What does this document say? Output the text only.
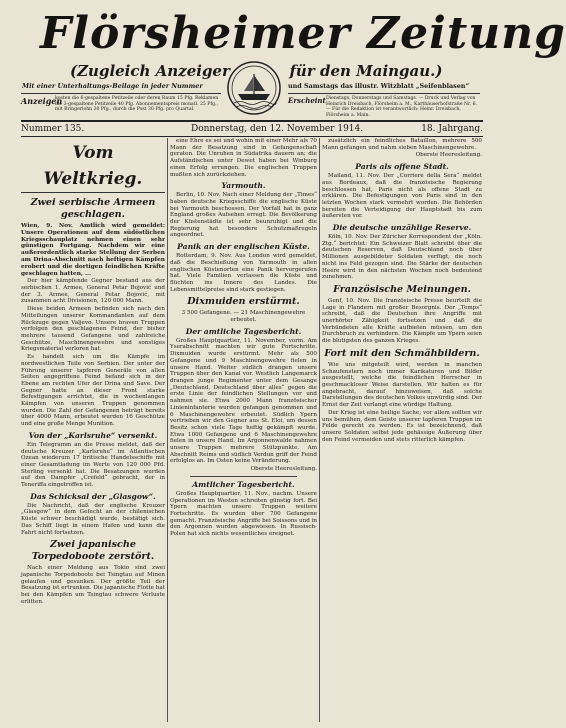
Flörsheimer Zeitung
(Zugleich Anzeiger	für den Maingau.)
Mit einer Unterhaltungs-Beilage in jeder Nummer	und Samstags das illustr. Witzblatt „Seifenblasen“
Anzeigen
kosten die 6-gespaltene Petitzeile oder deren Raum 15 Pfg. Reklamen die 3-gespaltene Petitzeile 40 Pfg. Abonnementspreis monatl. 25 Pfg., mit Bringerlohn 30 Pfg., durch die Post 30 Pfg. pro Quartal.
Erscheint Dienstags, Donnerstags und Samstags. — Druck und Verlag von Heinrich Dreisbach, Flörsheim a. M., Karthäuserhofstraße Nr. 6. — Für die Redaktion ist verantwortlich: Heinr. Dreisbach, Flörsheim a. Main.
Nummer 135.	Donnerstag, den 12. November 1914.	18. Jahrgang.
Vom Weltkrieg.
Zwei serbische Armeen geschlagen.
Wien, 9. Nov. Amtlich wird gemeldet: Unsere Operationen auf dem südöstlichen Kriegsschauplatz nehmen einen sehr günstigen Fortgang. Nachdem wir eine außerordentlich starke Stellung der Serben am Drina-Abschnitt nach heftigen Kämpfen erobert und die dortigen feindlichen Kräfte geschlagen hatten, ...
Der hier kämpfende Gegner bestand aus der serbischen 1. Armee, General Petar Bojović und der 3. Armee, General Petar Bojović, mit zusammen acht Divisionen, 120 000 Mann.
Diese beiden Armeen befinden sich nach den Mitteilungen unserer Kommandanten auf dem Rückzuge gegen Valjevo. Unsere braven Truppen verfolgen den geschlagenen Feind, der bisher mehrere tausend Gefangene und zahlreiche Geschütze, Maschinengewehre und sonstiges Kriegsmaterial verloren hat.
Es handelt sich um die Kämpfe im nordwestlichen Teile von Serbien. Der unter der Führung unserer tapferen Generäle von allen Seiten angegriffene Feind befand sich in der Ebene am rechten Ufer der Drina und Save. Der Gegner hatte an dieser Front starke Befestigungen errichtet, die in wochenlangen Kämpfen von unseren Truppen genommen wurden. Die Zahl der Gefangenen beträgt bereits über 4000 Mann, erbeutet wurden 16 Geschütze und eine große Menge Munition.
Von der „Karlsruhe“ versenkt.
Ein Telegramm an die Presse meldet, daß der deutsche Kreuzer „Karlsruhe“ im Atlantischen Ozean wiederum 17 britische Handelsschiffe mit einer Gesamtladung im Werte von 120 000 Pfd. Sterling versenkt hat. Die Besatzungen wurden auf den Dampfer „Crefeld“ gebracht, der in Teneriffa eingetroffen ist.
Das Schicksal der „Glasgow“.
Die Nachricht, daß der englische Kreuzer „Glasgow“ in dem Gefecht an der chilenischen Küste schwer beschädigt wurde, bestätigt sich. Das Schiff liegt in einem Hafen und kann die Fahrt nicht fortsetzen.
Zwei japanische Torpedoboote zerstört.
Nach einer Meldung aus Tokio sind zwei japanische Torpedoboote bei Tsingtau auf Minen gelaufen und gesunken. Der größte Teil der Besatzung ist ertrunken. Die japanische Flotte hat bei den Kämpfen um Tsingtau schwere Verluste erlitten.
eine Ehre es sei und wohin mit einer Mehr als 70 Mann der Besatzung sind in Gefangenschaft geraten. Die Unruhen in Südafrika dauern an; die Aufständischen unter Dewet haben bei Winburg einen Erfolg errungen. Die englischen Truppen mußten sich zurückziehen.
Yarmouth.
Berlin, 10. Nov. Nach einer Meldung der „Times“ haben deutsche Kriegsschiffe die englische Küste bei Yarmouth beschossen. Der Vorfall hat in ganz England großes Aufsehen erregt. Die Bevölkerung der Küstenstädte ist sehr beunruhigt und die Regierung hat besondere Schutzmaßregeln angeordnet.
Panik an der englischen Küste.
Rotterdam, 9. Nov. Aus London wird gemeldet, daß die Beschießung von Yarmouth in allen englischen Küstenorten eine Panik hervorgerufen hat. Viele Familien verlassen die Küste und flüchten ins Innere des Landes. Die Lebensmittelpreise sind stark gestiegen.
Dixmuiden erstürmt.
3 500 Gefangene. — 21 Maschinengewehre erbeutet.
Der amtliche Tagesbericht.
Großes Hauptquartier, 11. November, vorm. Am Yserabschnitt machten wir gute Fortschritte. Dixmuiden wurde erstürmt. Mehr als 500 Gefangene und 9 Maschinengewehre fielen in unsere Hand. Weiter südlich drangen unsere Truppen über den Kanal vor. Westlich Langemarck drangen junge Regimenter unter dem Gesange „Deutschland, Deutschland über alles“ gegen die erste Linie der feindlichen Stellungen vor und nahmen sie. Etwa 2000 Mann französischer Linieninfanterie wurden gefangen genommen und 6 Maschinengewehre erbeutet. Südlich Ypern vertrieben wir den Gegner aus St. Eloi, um dessen Besitz schon viele Tage heftig gekämpft wurde. Etwa 1000 Gefangene und 6 Maschinengewehre fielen in unsere Hand. Im Argonnenwalde nahmen unsere Truppen mehrere Stützpunkte. Am Abschnitt Reims und südlich Verdun griff der Feind erfolglos an. Im Osten keine Veränderung.
Oberste Heeresleitung.
Amtlicher Tagesbericht.
Großes Hauptquartier, 11. Nov., nachm. Unsere Operationen im Westen schreiten günstig fort. Bei Ypern machten unsere Truppen weitere Fortschritte. Es wurden über 700 Gefangene gemacht. Französische Angriffe bei Soissons und in den Argonnen wurden abgewiesen. In Russisch-Polen hat sich nichts wesentliches ereignet.
zusätzlich ein feindliches Bataillon, mehrere 500 Mann gefangen und nahm sieben Maschinengewehre.
Oberste Heeresleitung.
Paris als offene Stadt.
Mailand, 11. Nov. Der „Corriere della Sera“ meldet aus Bordeaux, daß die französische Regierung beschlossen hat, Paris nicht als offene Stadt zu erklären. Die Befestigungen von Paris sind in den letzten Wochen stark vermehrt worden. Die Behörden bereiten die Verteidigung der Hauptstadt bis zum äußersten vor.
Die deutsche unzählige Reserve.
Köln, 10. Nov. Der Züricher Korrespondent der „Köln. Ztg.“ berichtet: Ein Schweizer Blatt schreibt über die deutschen Reserven, daß Deutschland noch über Millionen ausgebildeter Soldaten verfügt, die noch nicht ins Feld gezogen sind. Die Stärke der deutschen Heere wird in den nächsten Wochen noch bedeutend zunehmen.
Französische Meinungen.
Genf, 10. Nov. Die französische Presse beurteilt die Lage in Flandern mit großer Besorgnis. Der „Temps“ schreibt, daß die Deutschen ihre Angriffe mit unerhörter Zähigkeit fortsetzen und daß die Verbündeten alle Kräfte aufbieten müssen, um den Durchbruch zu verhindern. Die Kämpfe um Ypern seien die blutigsten des ganzen Krieges.
Fort mit den Schmähbildern.
Wie uns mitgeteilt wird, werden in manchen Schaufenstern noch immer Karikaturen und Bilder ausgestellt, welche die feindlichen Herrscher in geschmackloser Weise darstellen. Wir halten es für angebracht, darauf hinzuweisen, daß solche Darstellungen des deutschen Volkes unwürdig sind. Der Ernst der Zeit verlangt eine würdige Haltung.
Der Krieg ist eine heilige Sache; vor allem sollten wir uns bemühen, dem Geiste unserer tapferen Truppen im Felde gerecht zu werden. Es ist bezeichnend, daß unsere Soldaten selbst jede gehässige Äußerung über den Feind vermeiden und stets ritterlich kämpfen.
